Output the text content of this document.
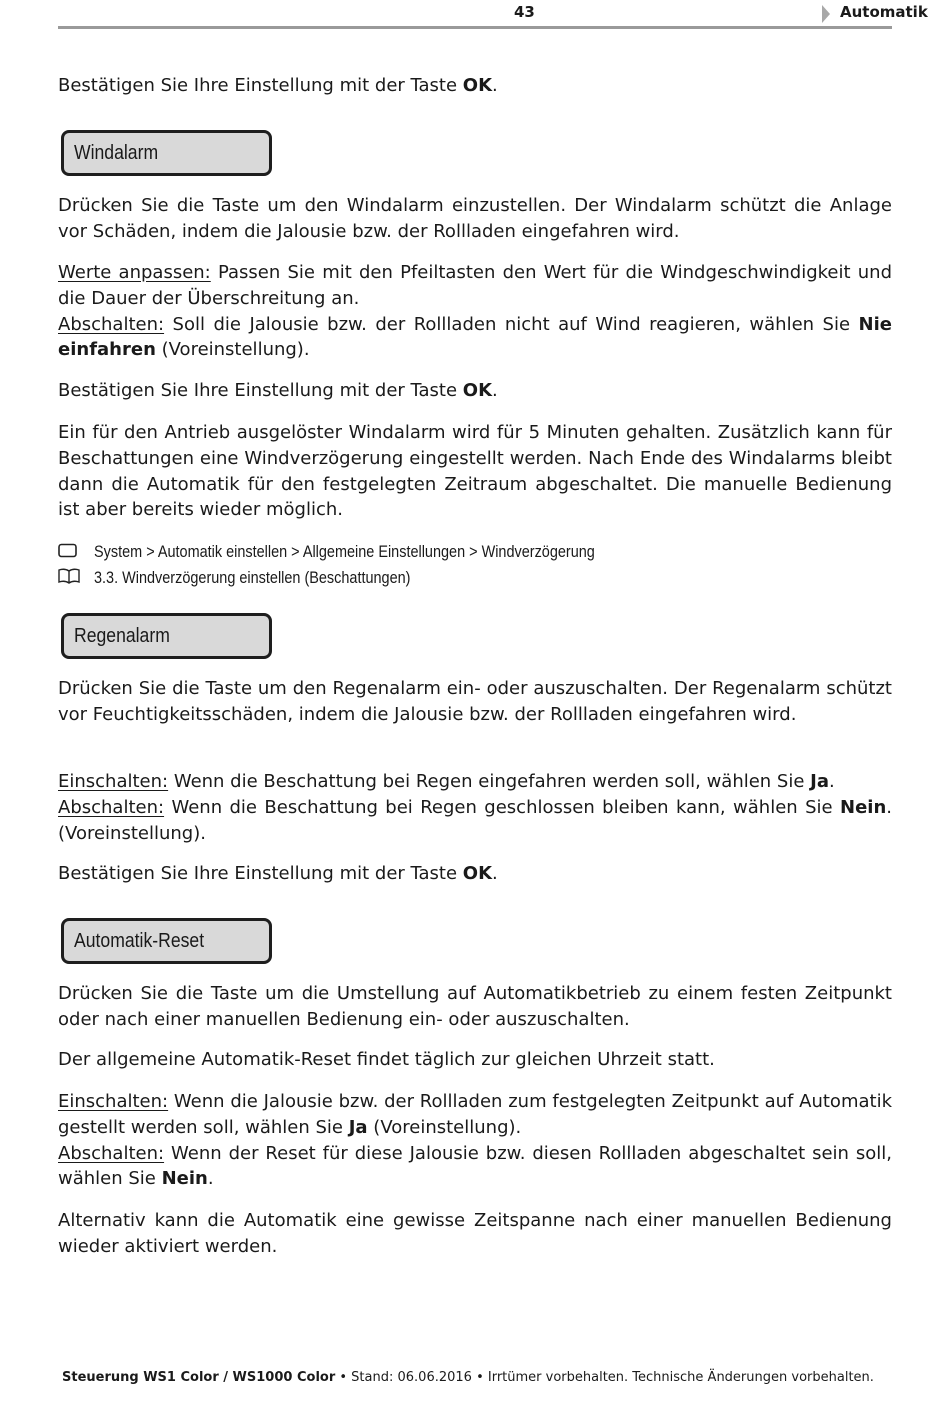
43	Automatik

Bestätigen Sie Ihre Einstellung mit der Taste OK.

Windalarm

Drücken Sie die Taste um den Windalarm einzustellen. Der Windalarm schützt die Anlage vor Schäden, indem die Jalousie bzw. der Rollladen eingefahren wird.

Werte anpassen: Passen Sie mit den Pfeiltasten den Wert für die Windgeschwindigkeit und die Dauer der Überschreitung an.
Abschalten: Soll die Jalousie bzw. der Rollladen nicht auf Wind reagieren, wählen Sie Nie einfahren (Voreinstellung).

Bestätigen Sie Ihre Einstellung mit der Taste OK.

Ein für den Antrieb ausgelöster Windalarm wird für 5 Minuten gehalten. Zusätzlich kann für Beschattungen eine Windverzögerung eingestellt werden. Nach Ende des Windalarms bleibt dann die Automatik für den festgelegten Zeitraum abgeschaltet. Die manuelle Bedienung ist aber bereits wieder möglich.

System > Automatik einstellen > Allgemeine Einstellungen > Windverzögerung
3.3. Windverzögerung einstellen (Beschattungen)
Regenalarm

Drücken Sie die Taste um den Regenalarm ein- oder auszuschalten. Der Regenalarm schützt vor Feuchtigkeitsschäden, indem die Jalousie bzw. der Rollladen eingefahren wird.

Einschalten: Wenn die Beschattung bei Regen eingefahren werden soll, wählen Sie Ja.
Abschalten: Wenn die Beschattung bei Regen geschlossen bleiben kann, wählen Sie Nein. (Voreinstellung).

Bestätigen Sie Ihre Einstellung mit der Taste OK.

Automatik-Reset

Drücken Sie die Taste um die Umstellung auf Automatikbetrieb zu einem festen Zeitpunkt oder nach einer manuellen Bedienung ein- oder auszuschalten.

Der allgemeine Automatik-Reset findet täglich zur gleichen Uhrzeit statt.

Einschalten: Wenn die Jalousie bzw. der Rollladen zum festgelegten Zeitpunkt auf Automatik gestellt werden soll, wählen Sie Ja (Voreinstellung).
Abschalten: Wenn der Reset für diese Jalousie bzw. diesen Rollladen abgeschaltet sein soll, wählen Sie Nein.

Alternativ kann die Automatik eine gewisse Zeitspanne nach einer manuellen Bedienung wieder aktiviert werden.

Steuerung WS1 Color / WS1000 Color • Stand: 06.06.2016 • Irrtümer vorbehalten. Technische Änderungen vorbehalten.
